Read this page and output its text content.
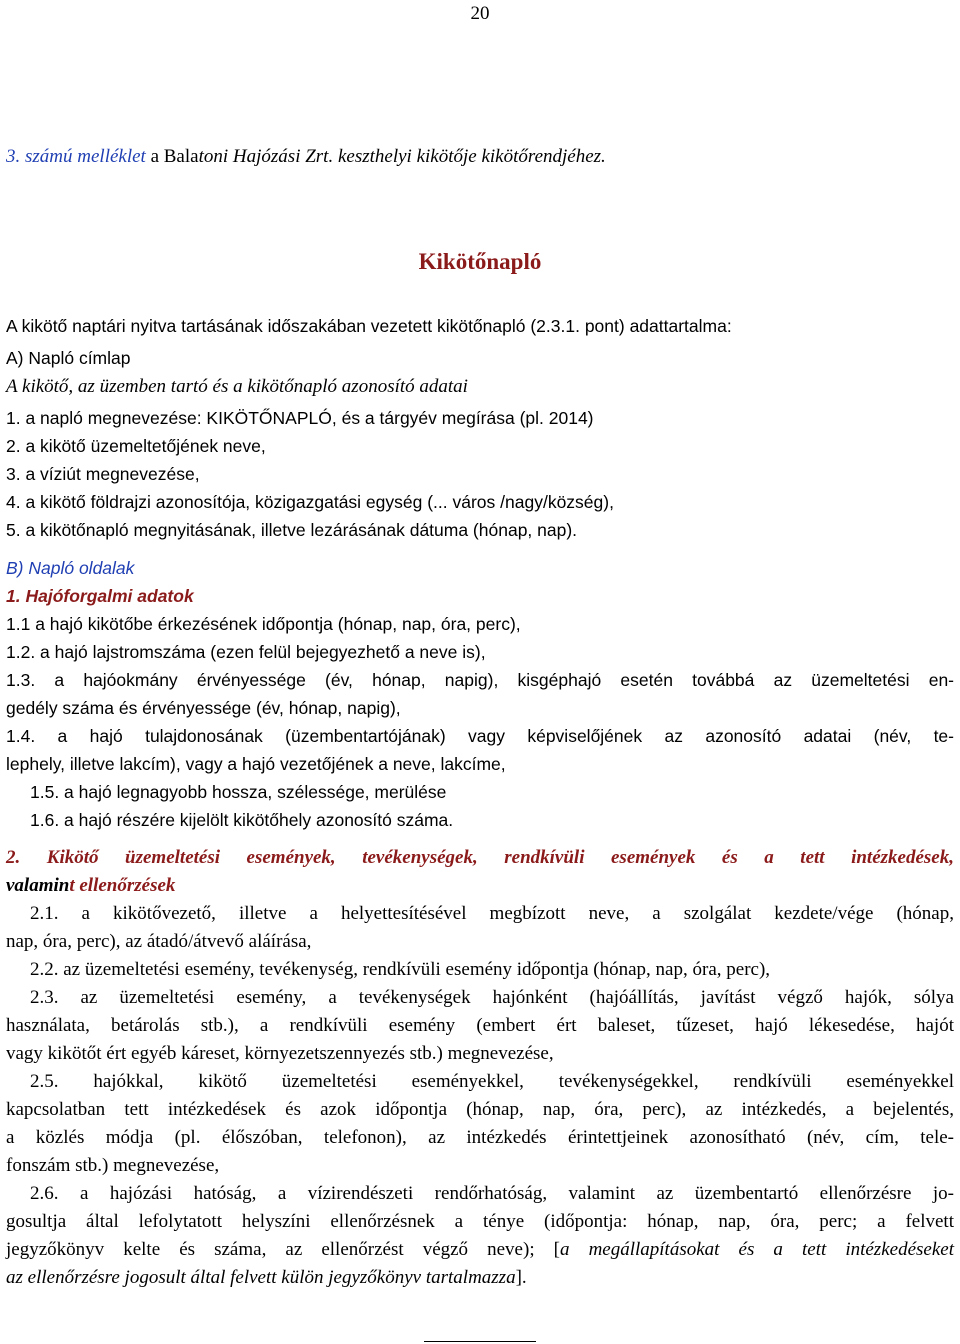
20
3. számú melléklet a Balatoni Hajózási Zrt. keszthelyi kikötője kikötőrendjéhez.
Kikötőnapló
A kikötő naptári nyitva tartásának időszakában vezetett kikötőnapló (2.3.1. pont) adattartalma:
A) Napló címlap
A kikötő, az üzemben tartó és a kikötőnapló azonosító adatai
1. a napló megnevezése: KIKÖTŐNAPLÓ, és a tárgyév megírása (pl. 2014)
2. a kikötő üzemeltetőjének neve,
3. a víziút megnevezése,
4. a kikötő földrajzi azonosítója, közigazgatási egység (... város /nagy/község),
5. a kikötőnapló megnyitásának, illetve lezárásának dátuma (hónap, nap).
B) Napló oldalak
1. Hajóforgalmi adatok
1.1 a hajó kikötőbe érkezésének időpontja (hónap, nap, óra, perc),
1.2. a hajó lajstromszáma (ezen felül bejegyezhető a neve is),
1.3. a hajóokmány érvényessége (év, hónap, napig), kisgéphajó esetén továbbá az üzemeltetési en-
gedély száma és érvényessége (év, hónap, napig),
1.4. a hajó tulajdonosának (üzembentartójának) vagy képviselőjének az azonosító adatai (név, te-
lephely, illetve lakcím), vagy a hajó vezetőjének a neve, lakcíme,
1.5. a hajó legnagyobb hossza, szélessége, merülése
1.6. a hajó részére kijelölt kikötőhely azonosító száma.
2. Kikötő üzemeltetési események, tevékenységek, rendkívüli események és a tett intézkedések,
valamint ellenőrzések
2.1. a kikötővezető, illetve a helyettesítésével megbízott neve, a szolgálat kezdete/vége (hónap,
nap, óra, perc), az átadó/átvevő aláírása,
2.2. az üzemeltetési esemény, tevékenység, rendkívüli esemény időpontja (hónap, nap, óra, perc),
2.3. az üzemeltetési esemény, a tevékenységek hajónként (hajóállítás, javítást végző hajók, sólya
használata, betárolás stb.), a rendkívüli esemény (embert ért baleset, tűzeset, hajó lékesedése, hajót
vagy kikötőt ért egyéb káreset, környezetszennyezés stb.) megnevezése,
2.5. hajókkal, kikötő üzemeltetési eseményekkel, tevékenységekkel, rendkívüli eseményekkel
kapcsolatban tett intézkedések és azok időpontja (hónap, nap, óra, perc), az intézkedés, a bejelentés,
a közlés módja (pl. élőszóban, telefonon), az intézkedés érintettjeinek azonosítható (név, cím, tele-
fonszám stb.) megnevezése,
2.6. a hajózási hatóság, a vízirendészeti rendőrhatóság, valamint az üzembentartó ellenőrzésre jo-
gosultja által lefolytatott helyszíni ellenőrzésnek a ténye (időpontja: hónap, nap, óra, perc; a felvett
jegyzőkönyv kelte és száma, az ellenőrzést végző neve); [a megállapításokat és a tett intézkedéseket
az ellenőrzésre jogosult által felvett külön jegyzőkönyv tartalmazza].
